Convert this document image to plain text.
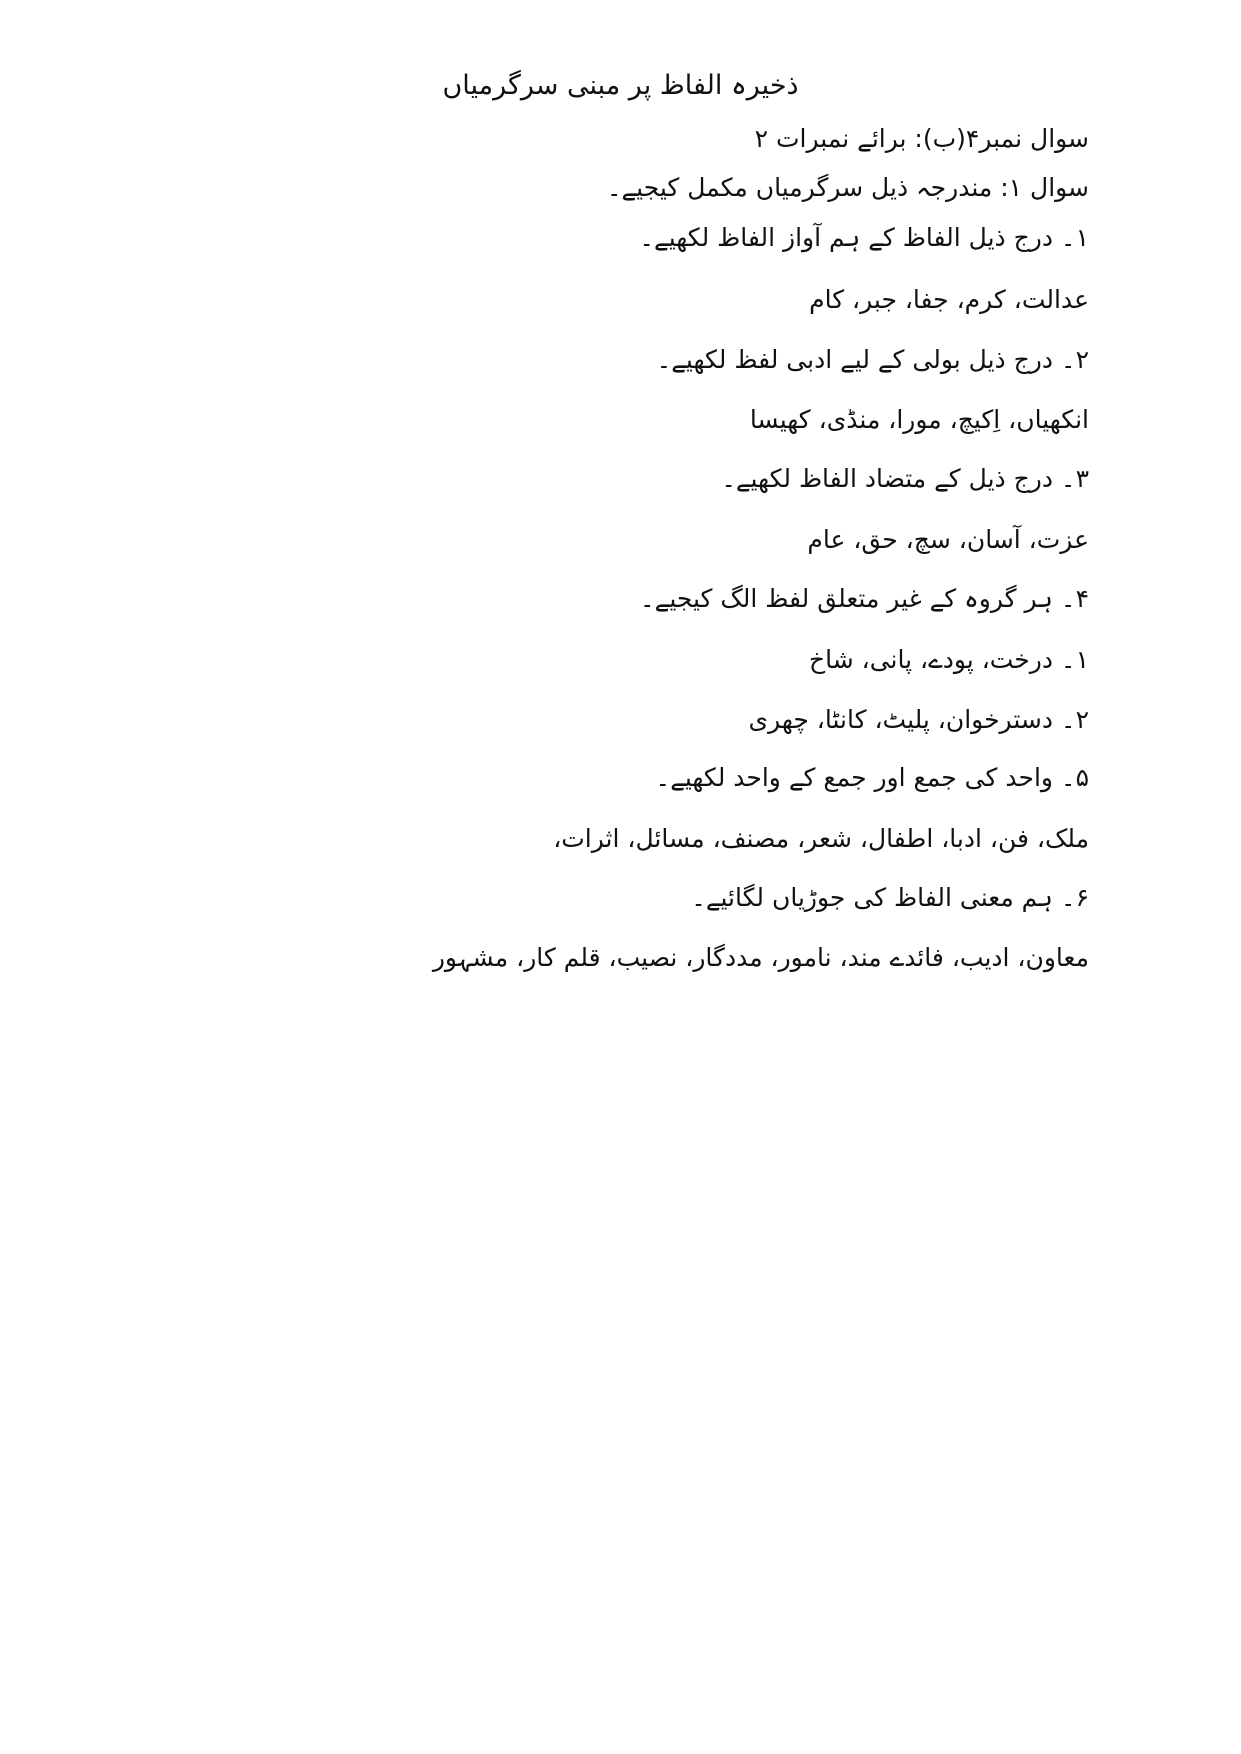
ذخیرہ الفاظ پر مبنی سرگرمیاں
سوال نمبر۴(ب): برائے نمبرات ۲
سوال ۱: مندرجہ ذیل سرگرمیاں مکمل کیجیے۔
۱۔ درج ذیل الفاظ کے ہم آواز الفاظ لکھیے۔
عدالت، کرم، جفا، جبر، کام
۲۔ درج ذیل بولی کے لیے ادبی لفظ لکھیے۔
انکھیاں، اِکیچ، مورا، منڈی، کھیسا
۳۔ درج ذیل کے متضاد الفاظ لکھیے۔
عزت، آسان، سچ، حق، عام
۴۔ ہر گروہ کے غیر متعلق لفظ الگ کیجیے۔
۱۔ درخت، پودے، پانی، شاخ
۲۔ دسترخوان، پلیٹ، کانٹا، چھری
۵۔ واحد کی جمع اور جمع کے واحد لکھیے۔
ملک، فن، ادبا، اطفال، شعر، مصنف، مسائل، اثرات،
۶۔ ہم معنی الفاظ کی جوڑیاں لگائیے۔
معاون، ادیب، فائدے مند، نامور، مددگار، نصیب، قلم کار، مشہور
